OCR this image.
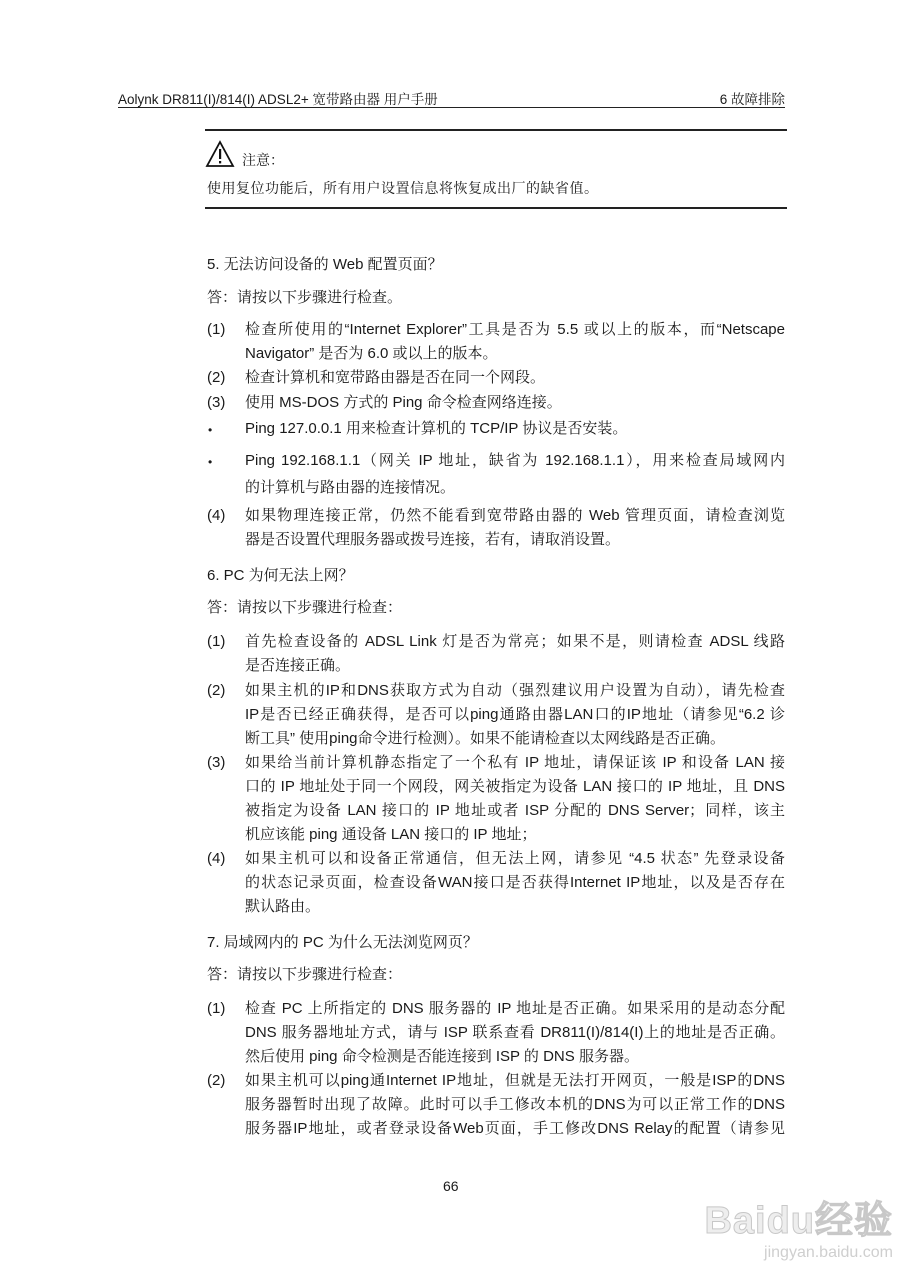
Aolynk DR811(I)/814(I) ADSL2+ 宽带路由器 用户手册	6 故障排除
注意：
使用复位功能后，所有用户设置信息将恢复成出厂的缺省值。
5. 无法访问设备的 Web 配置页面？
答：请按以下步骤进行检查。
(1) 检查所使用的“Internet Explorer”工具是否为 5.5 或以上的版本，而“Netscape
Navigator” 是否为 6.0 或以上的版本。
(2) 检查计算机和宽带路由器是否在同一个网段。
(3) 使用 MS-DOS 方式的 Ping 命令检查网络连接。
• Ping 127.0.0.1 用来检查计算机的 TCP/IP 协议是否安装。
• Ping 192.168.1.1（网关 IP 地址，缺省为 192.168.1.1），用来检查局域网内
的计算机与路由器的连接情况。
(4) 如果物理连接正常，仍然不能看到宽带路由器的 Web 管理页面，请检查浏览
器是否设置代理服务器或拨号连接，若有，请取消设置。
6. PC 为何无法上网？
答：请按以下步骤进行检查：
(1) 首先检查设备的 ADSL Link 灯是否为常亮；如果不是，则请检查 ADSL 线路
是否连接正确。
(2) 如果主机的IP和DNS获取方式为自动（强烈建议用户设置为自动），请先检查
IP是否已经正确获得，是否可以ping通路由器LAN口的IP地址（请参见“6.2 诊
断工具” 使用ping命令进行检测）。如果不能请检查以太网线路是否正确。
(3) 如果给当前计算机静态指定了一个私有 IP 地址，请保证该 IP 和设备 LAN 接
口的 IP 地址处于同一个网段，网关被指定为设备 LAN 接口的 IP 地址，且 DNS
被指定为设备 LAN 接口的 IP 地址或者 ISP 分配的 DNS Server；同样，该主
机应该能 ping 通设备 LAN 接口的 IP 地址；
(4) 如果主机可以和设备正常通信，但无法上网，请参见 “4.5 状态” 先登录设备
的状态记录页面，检查设备WAN接口是否获得Internet IP地址，以及是否存在
默认路由。
7. 局域网内的 PC 为什么无法浏览网页？
答：请按以下步骤进行检查：
(1) 检查 PC 上所指定的 DNS 服务器的 IP 地址是否正确。如果采用的是动态分配
DNS 服务器地址方式，请与 ISP 联系查看 DR811(I)/814(I)上的地址是否正确。
然后使用 ping 命令检测是否能连接到 ISP 的 DNS 服务器。
(2) 如果主机可以ping通Internet IP地址，但就是无法打开网页，一般是ISP的DNS
服务器暂时出现了故障。此时可以手工修改本机的DNS为可以正常工作的DNS
服务器IP地址，或者登录设备Web页面，手工修改DNS Relay的配置（请参见
66
Baidu经验
jingyan.baidu.com
